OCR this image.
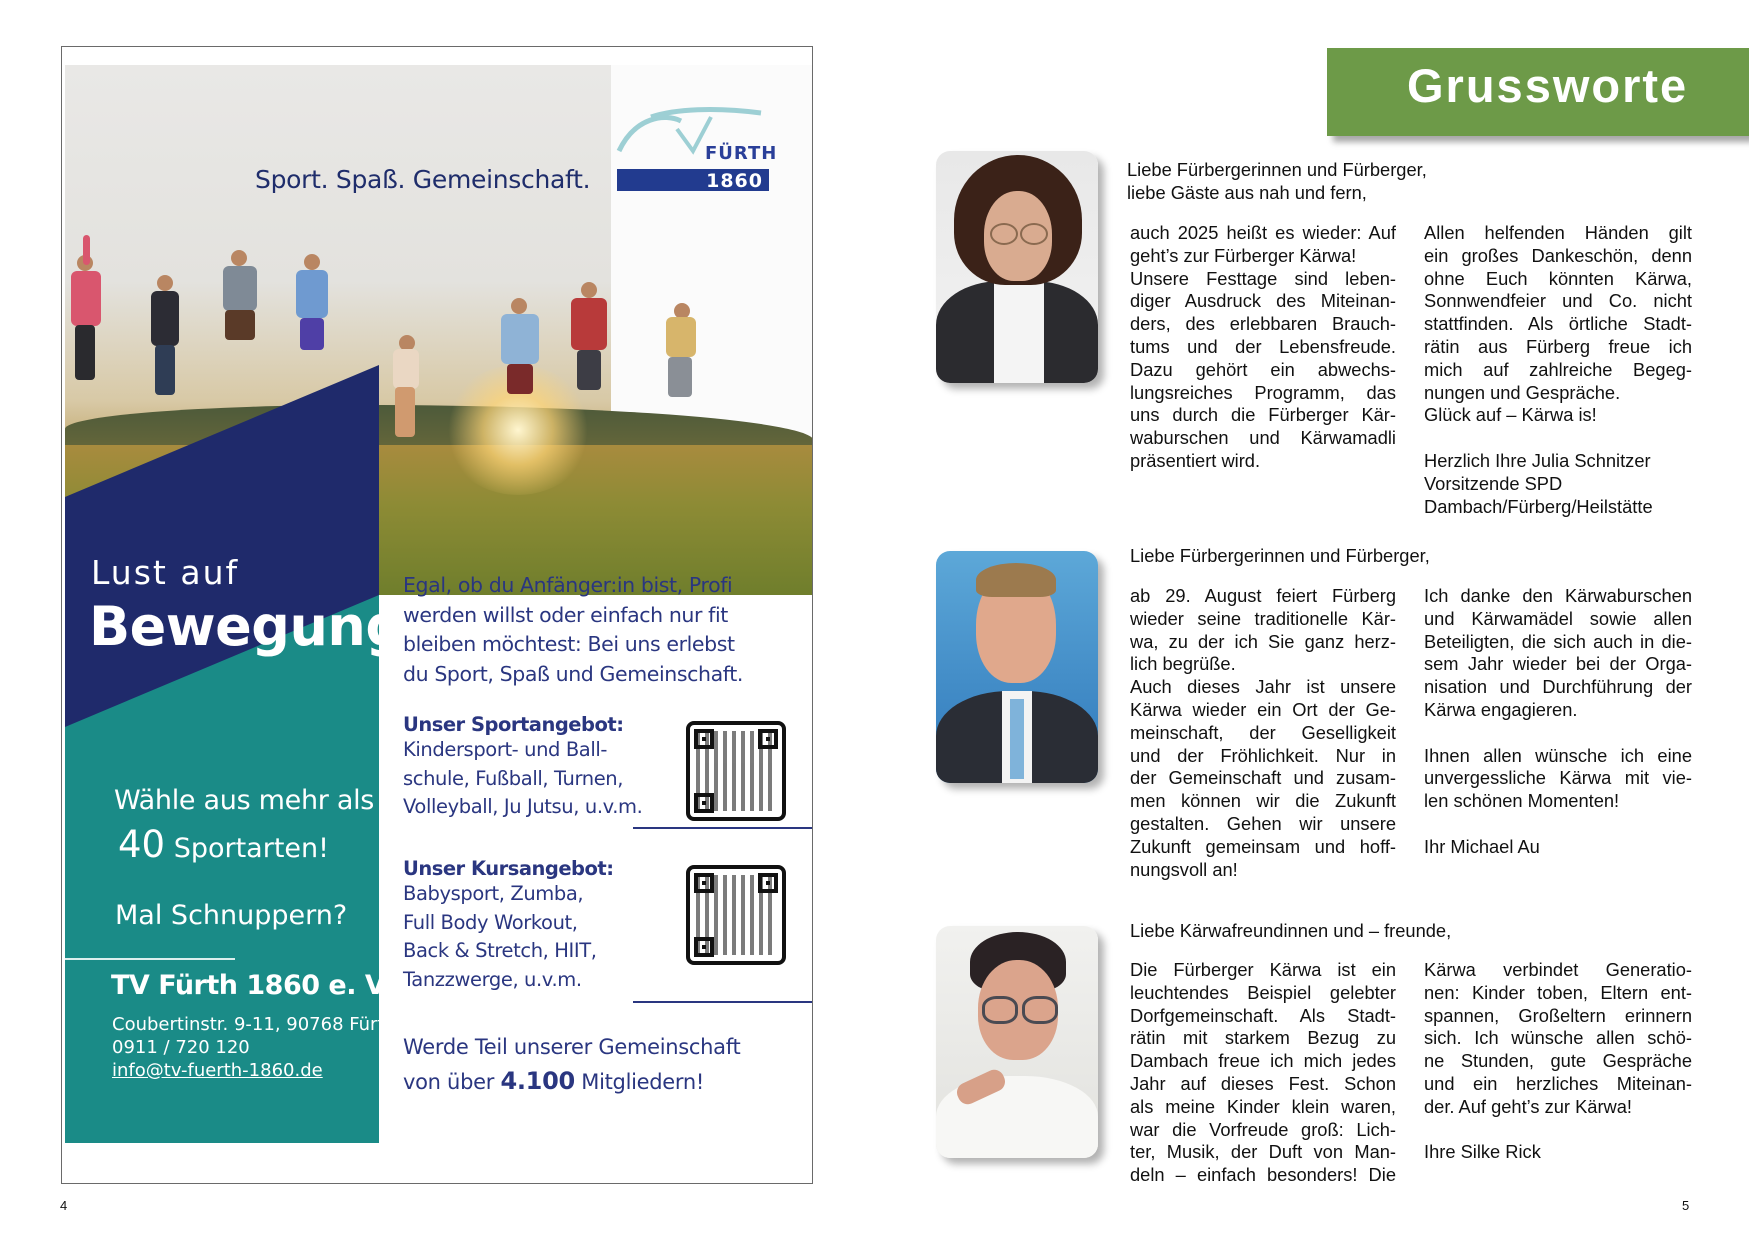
Sport. Spaß. Gemeinschaft.
FÜRTH
1860
Lust auf
Bewegung?
Wähle aus mehr als
40 Sportarten!
Mal Schnuppern?
TV Fürth 1860 e. V.
Coubertinstr. 9-11, 90768 Fürth
0911 / 720 120
info@tv-fuerth-1860.de
Egal, ob du Anfänger:in bist, Profi
werden willst oder einfach nur fit
bleiben möchtest: Bei uns erlebst
du Sport, Spaß und Gemeinschaft.
Unser Sportangebot:
Kindersport- und Ball-
schule, Fußball, Turnen,
Volleyball, Ju Jutsu, u.v.m.
Unser Kursangebot:
Babysport, Zumba,
Full Body Workout,
Back & Stretch, HIIT,
Tanzzwerge, u.v.m.
Werde Teil unserer Gemeinschaft
von über 4.100 Mitgliedern!
4
Grussworte
Liebe Fürbergerinnen und Fürberger,
liebe Gäste aus nah und fern,
auch 2025 heißt es wieder: Auf
geht’s zur Fürberger Kärwa!
Unsere Festtage sind leben-
diger Ausdruck des Miteinan-
ders, des erlebbaren Brauch-
tums und der Lebensfreude.
Dazu gehört ein abwechs-
lungsreiches Programm, das
uns durch die Fürberger Kär-
waburschen und Kärwamadli
präsentiert wird.
Allen helfenden Händen gilt
ein großes Dankeschön, denn
ohne Euch könnten Kärwa,
Sonnwendfeier und Co. nicht
stattfinden. Als örtliche Stadt-
rätin aus Fürberg freue ich
mich auf zahlreiche Begeg-
nungen und Gespräche.
Glück auf – Kärwa is!
Herzlich Ihre Julia Schnitzer
Vorsitzende SPD
Dambach/Fürberg/Heilstätte
Liebe Fürbergerinnen und Fürberger,
ab 29. August feiert Fürberg
wieder seine traditionelle Kär-
wa, zu der ich Sie ganz herz-
lich begrüße.
Auch dieses Jahr ist unsere
Kärwa wieder ein Ort der Ge-
meinschaft, der Geselligkeit
und der Fröhlichkeit. Nur in
der Gemeinschaft und zusam-
men können wir die Zukunft
gestalten. Gehen wir unsere
Zukunft gemeinsam und hoff-
nungsvoll an!
Ich danke den Kärwaburschen
und Kärwamädel sowie allen
Beteiligten, die sich auch in die-
sem Jahr wieder bei der Orga-
nisation und Durchführung der
Kärwa engagieren.
Ihnen allen wünsche ich eine
unvergessliche Kärwa mit vie-
len schönen Momenten!
Ihr Michael Au
Liebe Kärwafreundinnen und – freunde,
Die Fürberger Kärwa ist ein
leuchtendes Beispiel gelebter
Dorfgemeinschaft. Als Stadt-
rätin mit starkem Bezug zu
Dambach freue ich mich jedes
Jahr auf dieses Fest. Schon
als meine Kinder klein waren,
war die Vorfreude groß: Lich-
ter, Musik, der Duft von Man-
deln – einfach besonders! Die
Kärwa verbindet Generatio-
nen: Kinder toben, Eltern ent-
spannen, Großeltern erinnern
sich. Ich wünsche allen schö-
ne Stunden, gute Gespräche
und ein herzliches Miteinan-
der. Auf geht’s zur Kärwa!
Ihre Silke Rick
5
